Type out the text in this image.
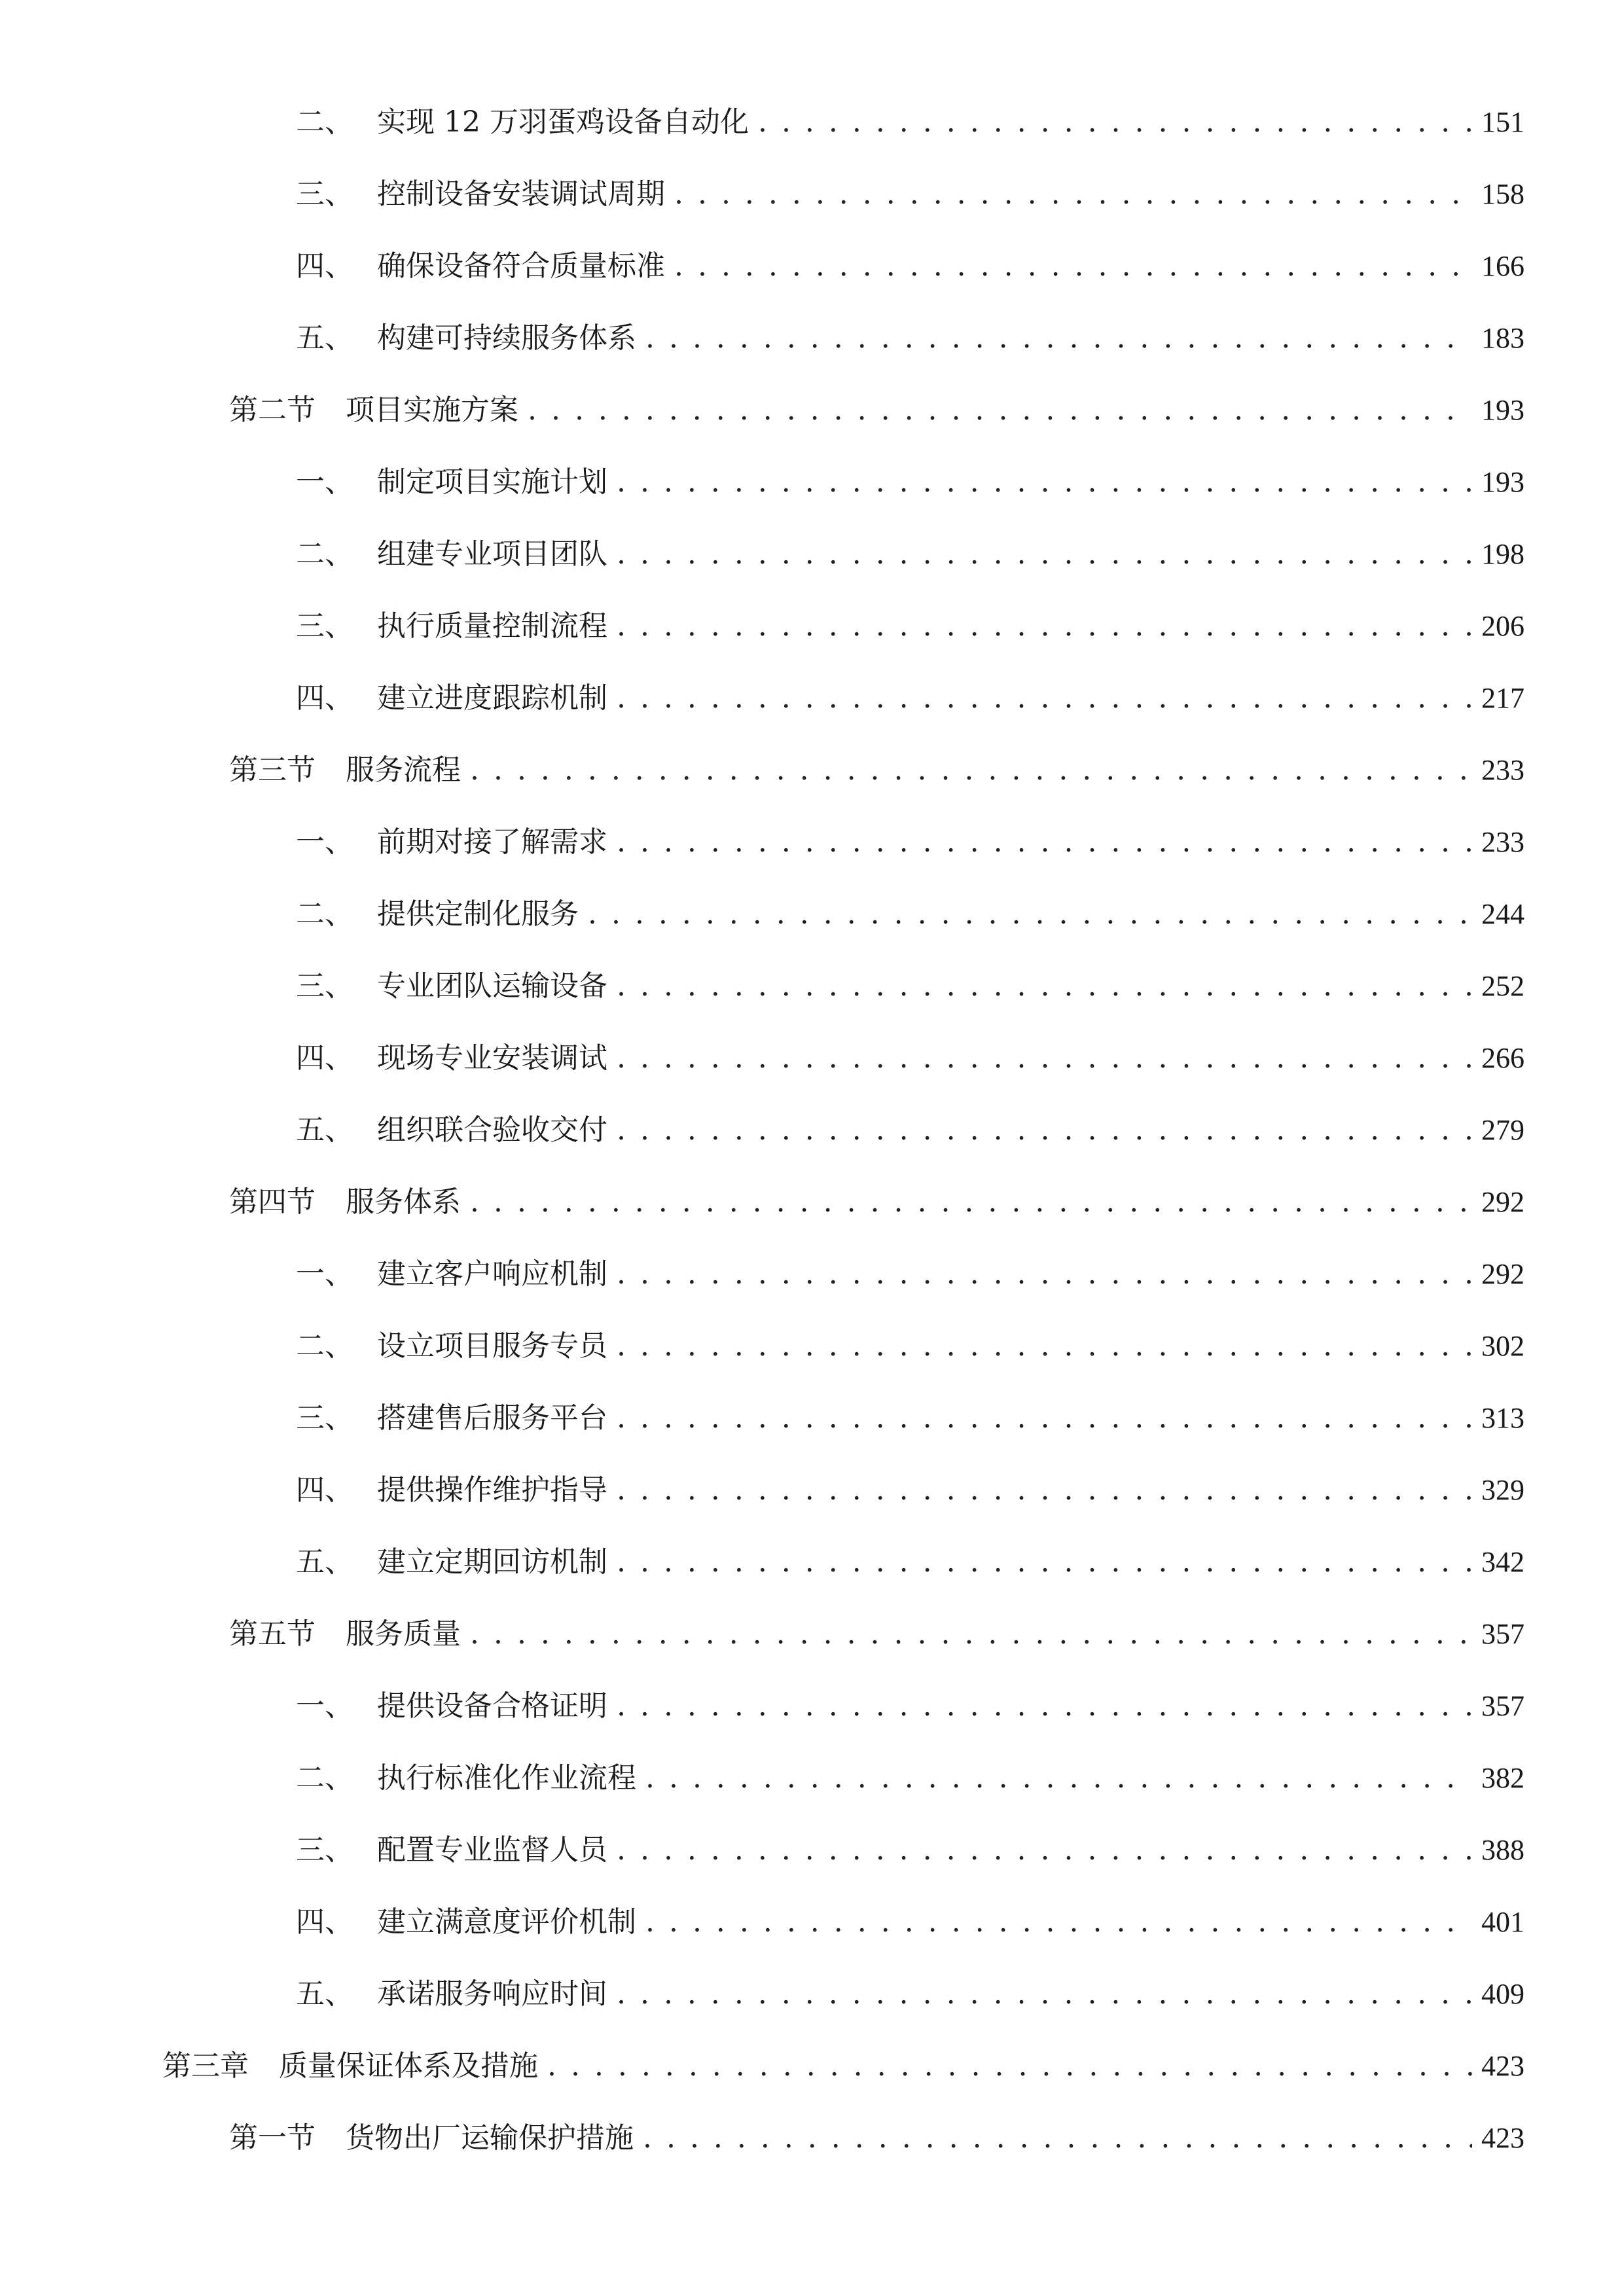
二、 实现 12 万羽蛋鸡设备自动化 . . .	151
三、 控制设备安装调试周期 . . .	158
四、 确保设备符合质量标准 . . .	166
五、 构建可持续服务体系 . . .	183
第二节	项目实施方案 . . .	193
一、 制定项目实施计划 . . .	193
二、 组建专业项目团队 . . .	198
三、 执行质量控制流程 . . .	206
四、 建立进度跟踪机制 . . .	217
第三节	服务流程 . . .	233
一、 前期对接了解需求 . . .	233
二、 提供定制化服务 . . .	244
三、 专业团队运输设备 . . .	252
四、 现场专业安装调试 . . .	266
五、 组织联合验收交付 . . .	279
第四节	服务体系 . . .	292
一、 建立客户响应机制 . . .	292
二、 设立项目服务专员 . . .	302
三、 搭建售后服务平台 . . .	313
四、 提供操作维护指导 . . .	329
五、 建立定期回访机制 . . .	342
第五节	服务质量 . . .	357
一、 提供设备合格证明 . . .	357
二、 执行标准化作业流程 . . .	382
三、 配置专业监督人员 . . .	388
四、 建立满意度评价机制 . . .	401
五、 承诺服务响应时间 . . .	409
第三章	质量保证体系及措施 . . .	423
第一节	货物出厂运输保护措施 . . .	423
